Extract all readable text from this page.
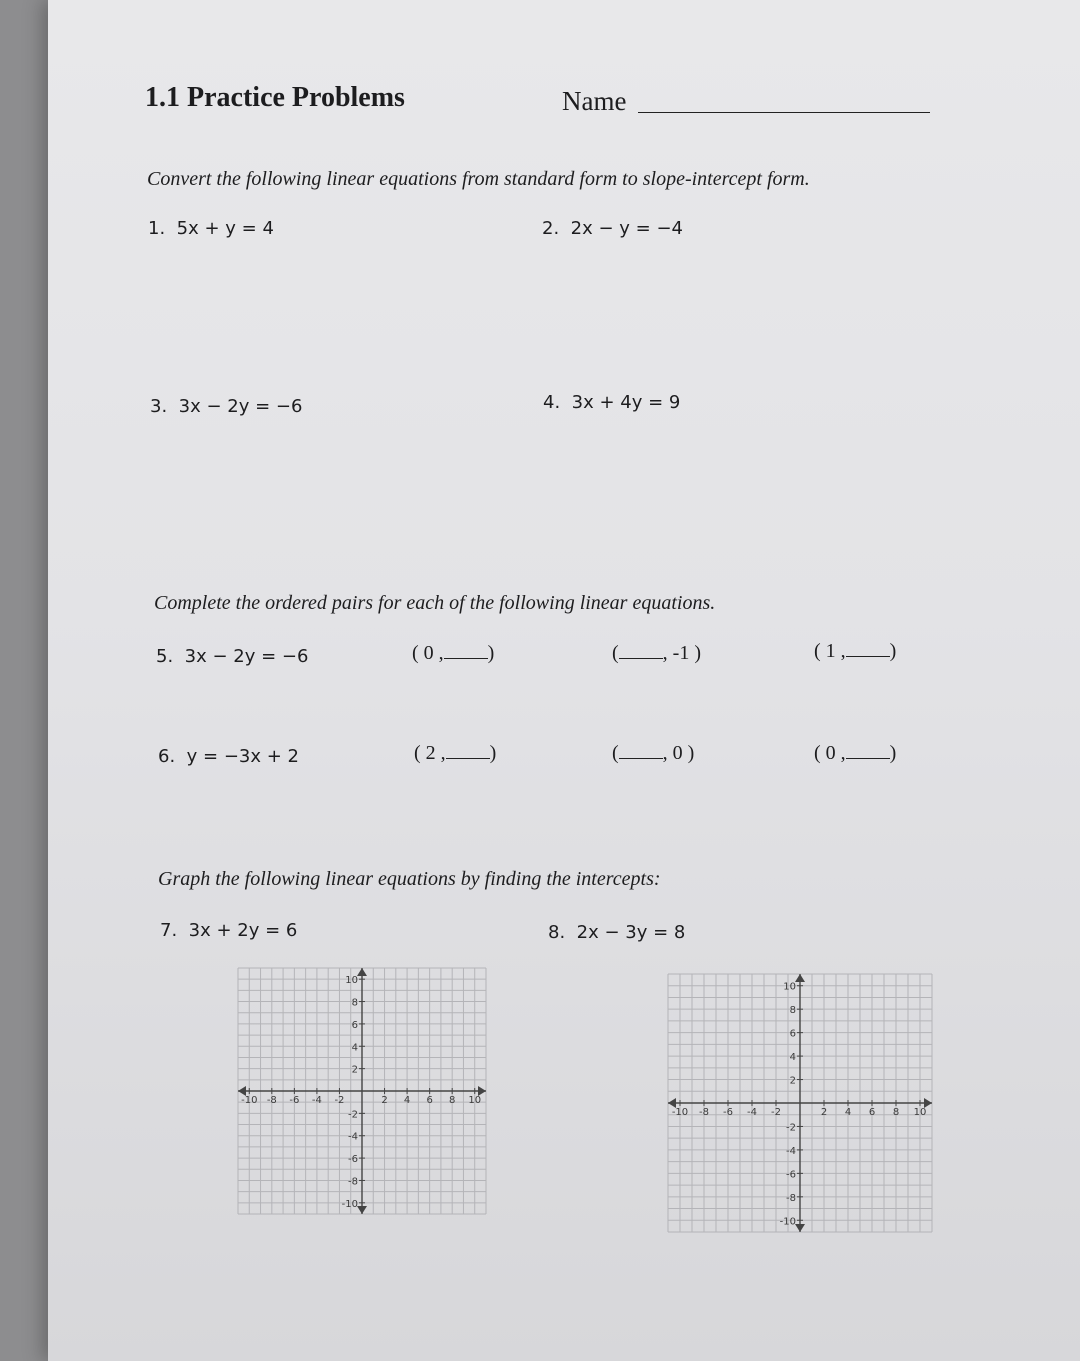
1.1 Practice Problems	Name
Convert the following linear equations from standard form to slope-intercept form.
1. 5x + y = 4	2. 2x − y = −4
3. 3x − 2y = −6	4. 3x + 4y = 9
Complete the ordered pairs for each of the following linear equations.
5. 3x − 2y = −6	( 0 , )	( , -1 )	( 1 , )
6. y = −3x + 2	( 2 , )	( , 0 )	( 0 , )
Graph the following linear equations by finding the intercepts:
7. 3x + 2y = 6	8. 2x − 3y = 8
-10 -8 -6 -4 -2	2 4 6 8 10
10
8
6
4
2
-2
-4
-6
-8
-10
-10 -8 -6 -4 -2	2 4 6 8 10
10
8
6
4
2
-2
-4
-6
-8
-10
